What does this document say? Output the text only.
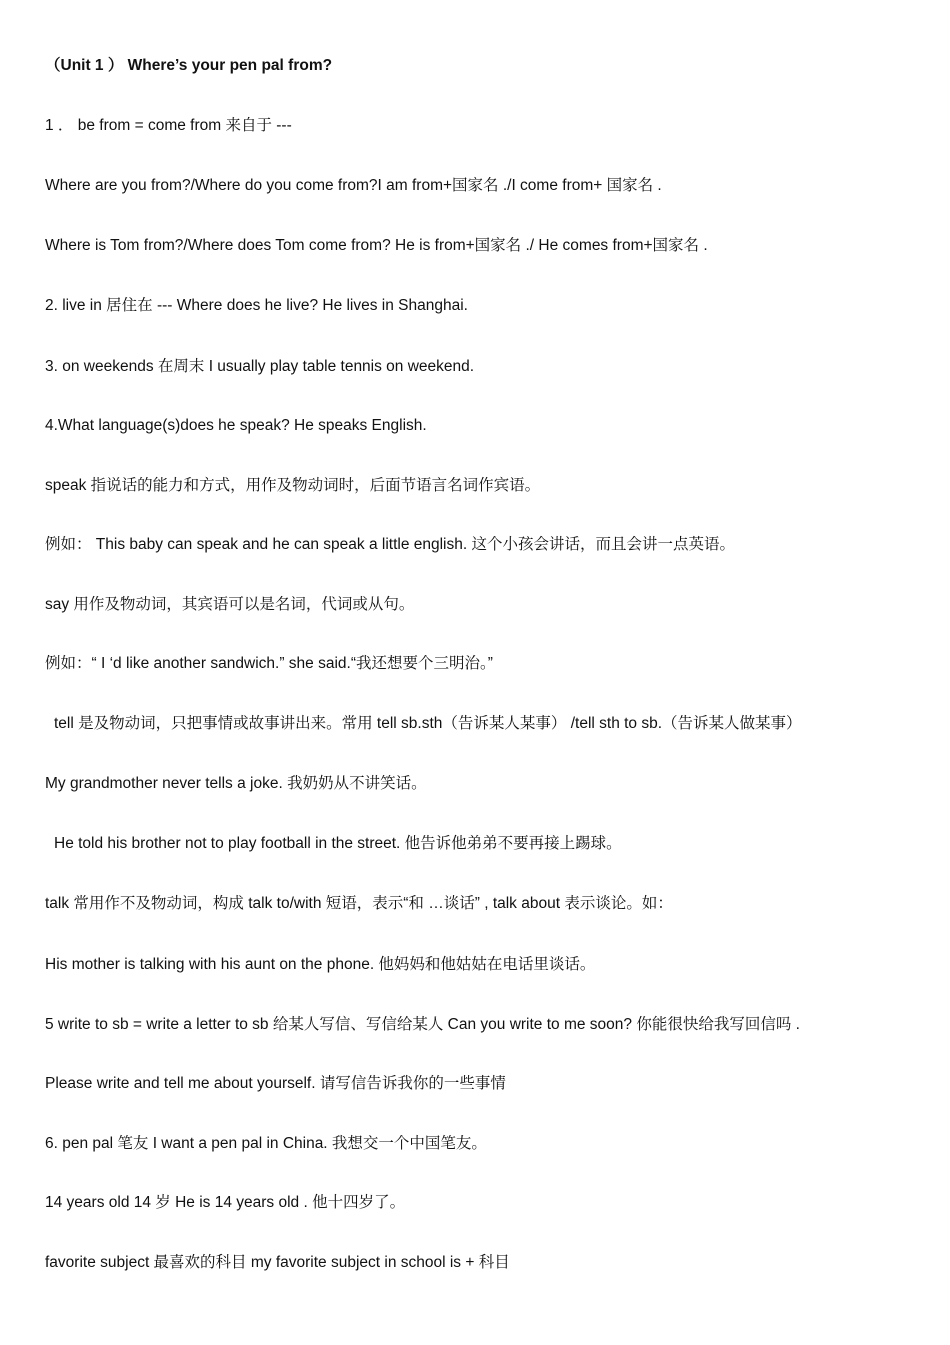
（Unit 1 ） Where’s your pen pal from?
1 ． be from = come from 来自于 ---
Where are you from?/Where do you come from?I am from+国家名 ./I come from+ 国家名 .
Where is Tom from?/Where does Tom come from? He is from+国家名 ./ He comes from+国家名 .
2. live in 居住在 --- Where does he live? He lives in Shanghai.
3. on weekends 在周末 I usually play table tennis on weekend.
4.What language(s)does he speak? He speaks English.
speak 指说话的能力和方式，用作及物动词时，后面节语言名词作宾语。
例如： This baby can speak and he can speak a little english. 这个小孩会讲话，而且会讲一点英语。
say 用作及物动词，其宾语可以是名词，代词或从句。
例如：“ I ‘d like another sandwich.” she said.“我还想要个三明治。”
tell 是及物动词，只把事情或故事讲出来。常用 tell sb.sth（告诉某人某事） /tell sth to sb.（告诉某人做某事）
My grandmother never tells a joke. 我奶奶从不讲笑话。
He told his brother not to play football in the street. 他告诉他弟弟不要再接上踢球。
talk 常用作不及物动词，构成 talk to/with 短语，表示“和 …谈话” , talk about 表示谈论。如：
His mother is talking with his aunt on the phone. 他妈妈和他姑姑在电话里谈话。
5 write to sb = write a letter to sb 给某人写信、写信给某人 Can you write to me soon? 你能很快给我写回信吗 .
Please write and tell me about yourself. 请写信告诉我你的一些事情
6. pen pal 笔友 I want a pen pal in China. 我想交一个中国笔友。
14 years old 14 岁 He is 14 years old . 他十四岁了。
favorite subject 最喜欢的科目 my favorite subject in school is + 科目
